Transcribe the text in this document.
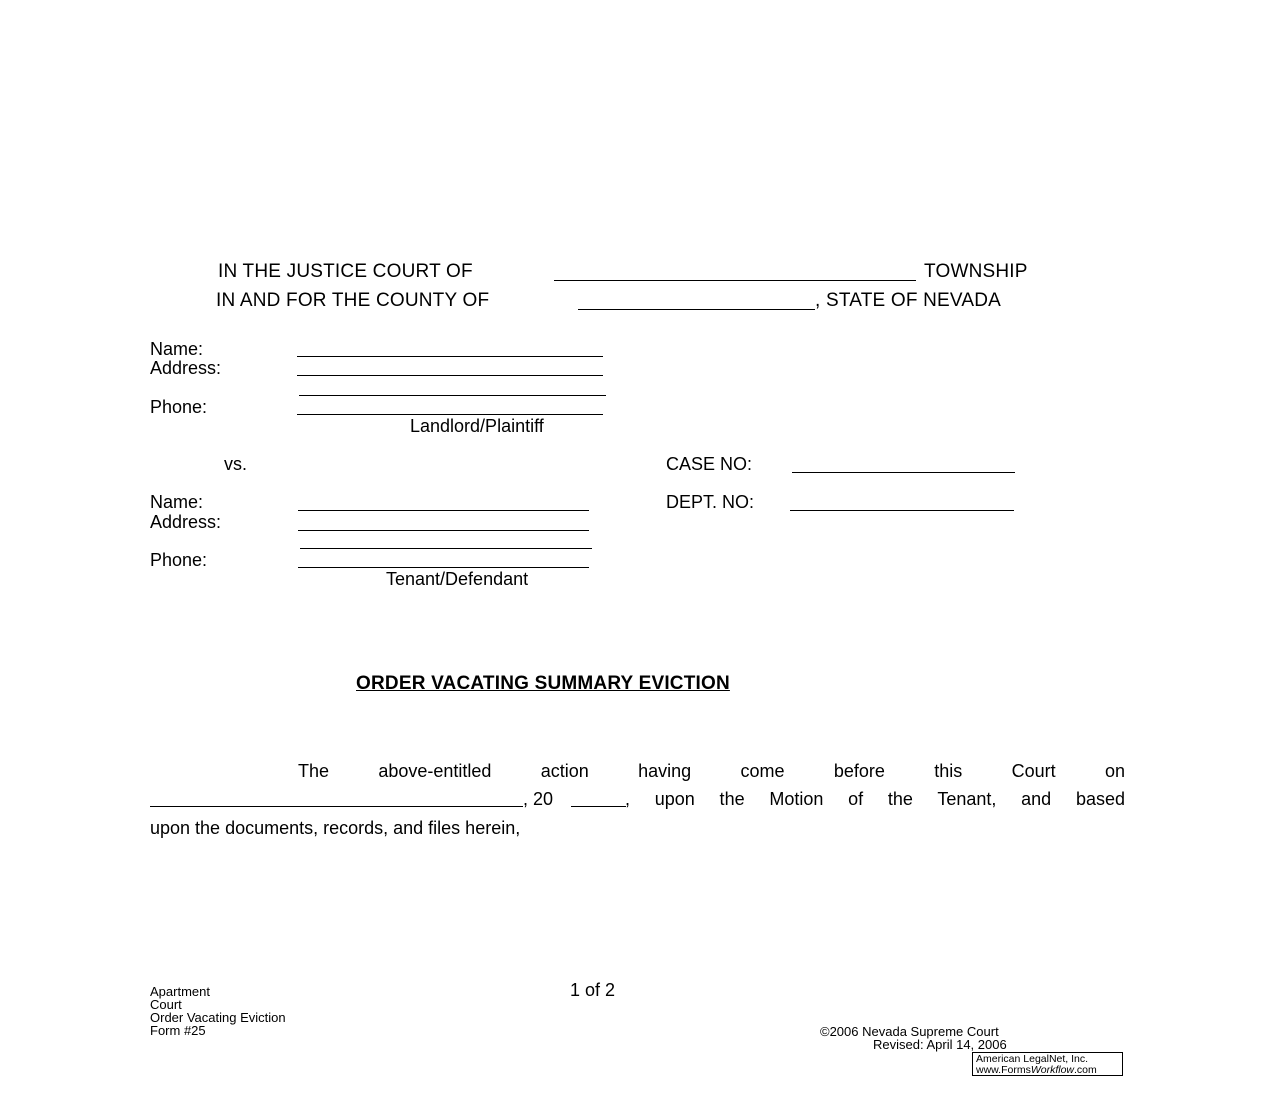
IN THE JUSTICE COURT OF	TOWNSHIP
IN AND FOR THE COUNTY OF	, STATE OF NEVADA
Name:
Address:
Phone:
Landlord/Plaintiff
vs.	CASE NO:
DEPT. NO:
Name:
Address:
Phone:
Tenant/Defendant
ORDER VACATING SUMMARY EVICTION
The above-entitled action having come before this Court on
, 20	, upon the Motion of the Tenant, and based
upon the documents, records, and files herein,
Apartment
Court
Order Vacating Eviction
Form #25
1 of 2
©2006 Nevada Supreme Court
Revised: April 14, 2006
American LegalNet, Inc.
www.FormsWorkflow.com
